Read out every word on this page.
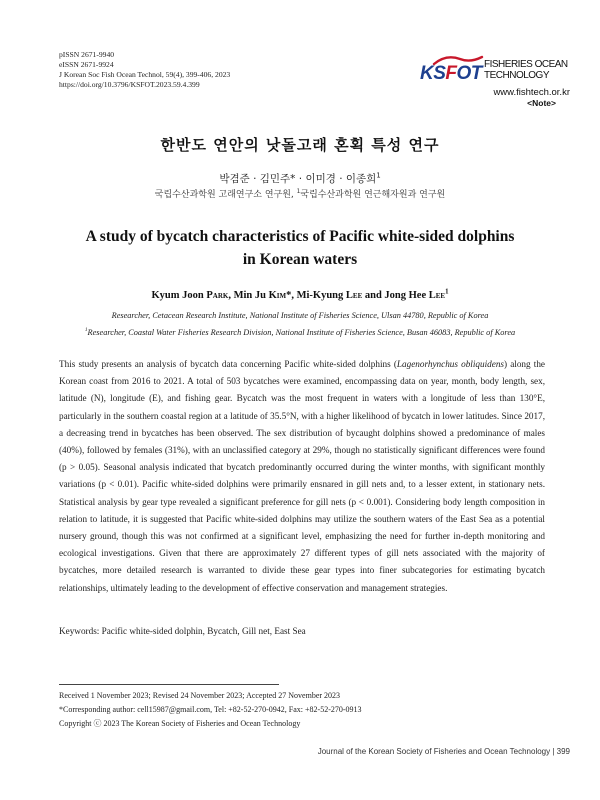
pISSN 2671-9940
eISSN 2671-9924
J Korean Soc Fish Ocean Technol, 59(4), 399-406, 2023
https://doi.org/10.3796/KSFOT.2023.59.4.399
KSFOT FISHERIES OCEAN
TECHNOLOGY
www.fishtech.or.kr
<Note>
한반도 연안의 낫돌고래 혼획 특성 연구
박겸준 · 김민주* · 이미경 · 이종희$^1$
국립수산과학원 고래연구소 연구원, $^1$국립수산과학원 연근해자원과 연구원
A study of bycatch characteristics of Pacific white-sided dolphins
in Korean waters
Kyum Joon Park, Min Ju Kim*, Mi-Kyung Lee and Jong Hee Lee$^1$
Researcher, Cetacean Research Institute, National Institute of Fisheries Science, Ulsan 44780, Republic of Korea
$^1$Researcher, Coastal Water Fisheries Research Division, National Institute of Fisheries Science, Busan 46083, Republic of Korea

This study presents an analysis of bycatch data concerning Pacific white-sided dolphins (Lagenorhynchus obliquidens) along the Korean coast from 2016 to 2021. A total of 503 bycatches were examined, encompassing data on year, month, body length, sex, latitude (N), longitude (E), and fishing gear. Bycatch was the most frequent in waters with a longitude of less than 130°E, particularly in the southern coastal region at a latitude of 35.5°N, with a higher likelihood of bycatch in lower latitudes. Since 2017, a decreasing trend in bycatches has been observed. The sex distribution of bycaught dolphins showed a predominance of males (40%), followed by females (31%), with an unclassified category at 29%, though no statistically significant differences were found (p > 0.05). Seasonal analysis indicated that bycatch predominantly occurred during the winter months, with significant monthly variations (p < 0.01). Pacific white-sided dolphins were primarily ensnared in gill nets and, to a lesser extent, in stationary nets. Statistical analysis by gear type revealed a significant preference for gill nets (p < 0.001). Considering body length composition in relation to latitude, it is suggested that Pacific white-sided dolphins may utilize the southern waters of the East Sea as a potential nursery ground, though this was not confirmed at a significant level, emphasizing the need for further in-depth monitoring and ecological investigations. Given that there are approximately 27 different types of gill nets associated with the majority of bycatches, more detailed research is warranted to divide these gear types into finer subcategories for estimating bycatch relationships, ultimately leading to the development of effective conservation and management strategies.

Keywords: Pacific white-sided dolphin, Bycatch, Gill net, East Sea
Received 1 November 2023; Revised 24 November 2023; Accepted 27 November 2023
*Corresponding author: cell15987@gmail.com, Tel: +82-52-270-0942, Fax: +82-52-270-0913
Copyright ⓒ 2023 The Korean Society of Fisheries and Ocean Technology
Journal of the Korean Society of Fisheries and Ocean Technology | 399
